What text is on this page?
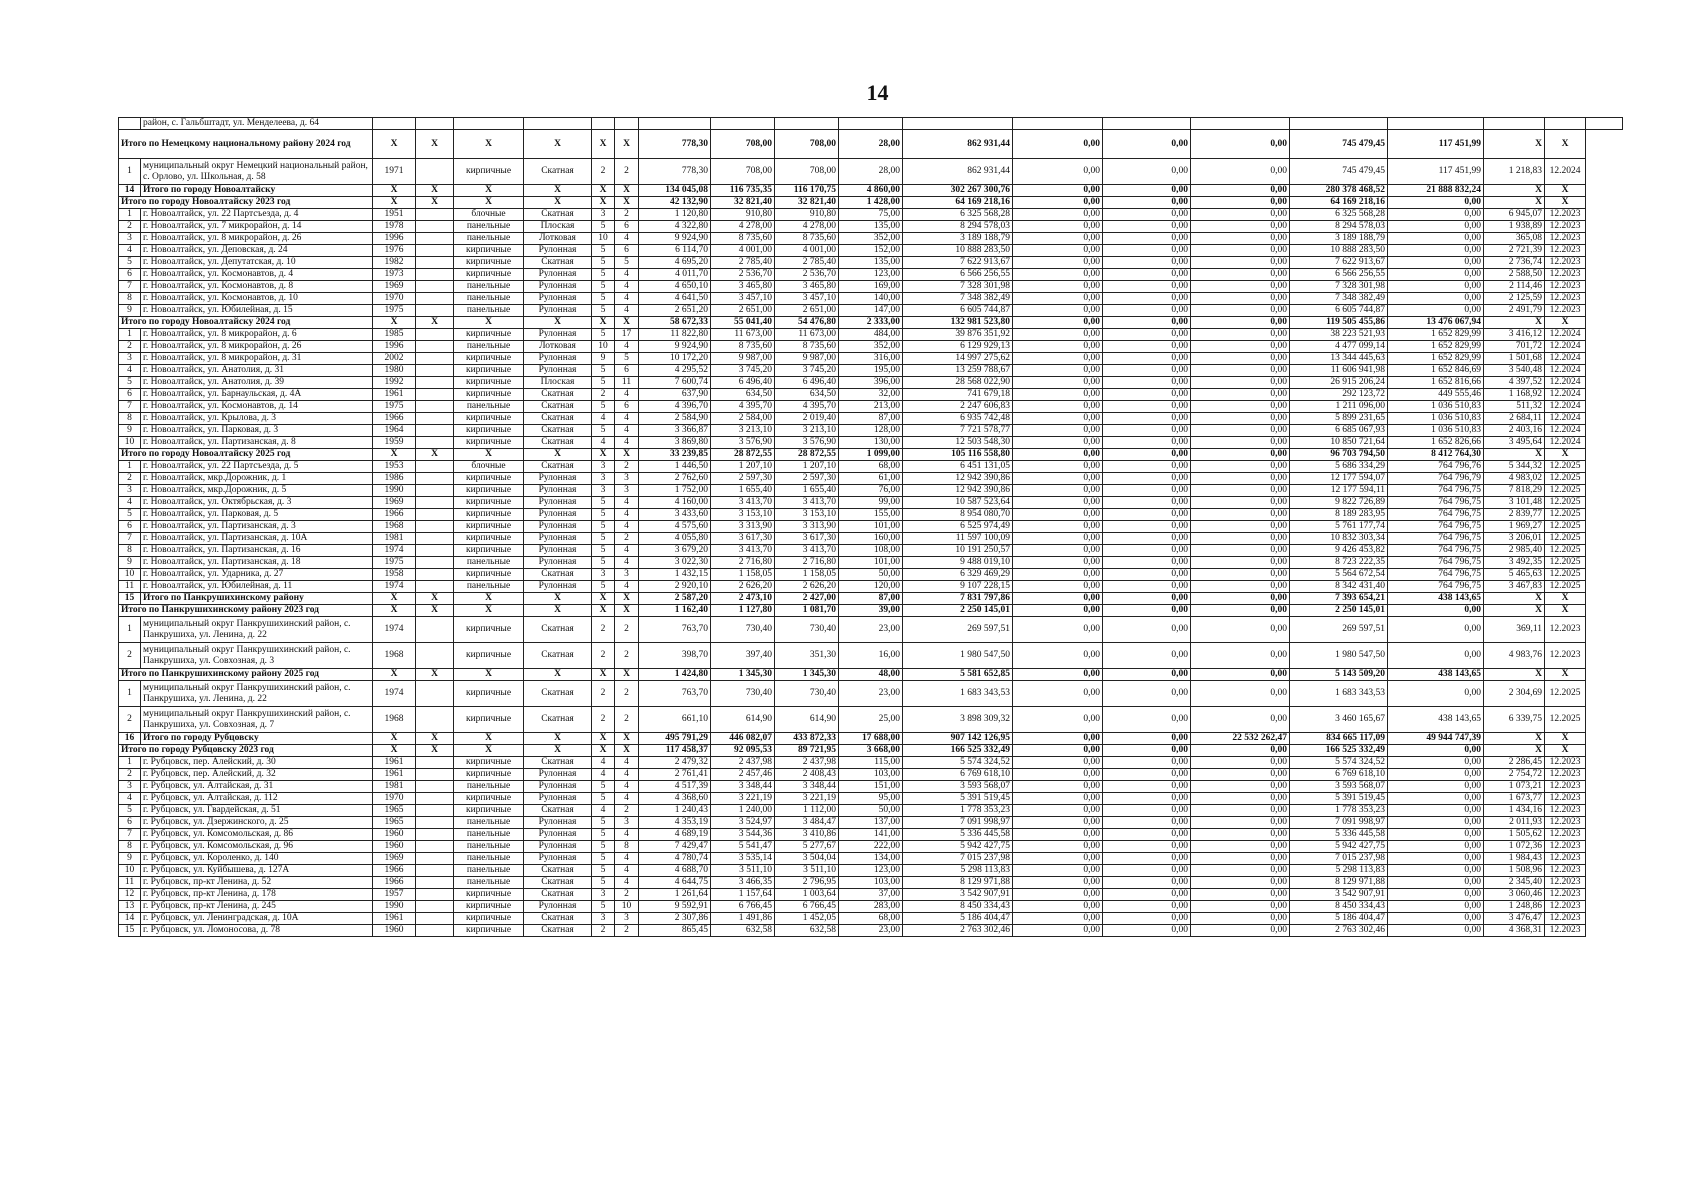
14
	район, с. Гальбштадт, ул. Менделеева, д. 64																			
Итого по Немецкому национальному району 2024 год		X	X	X	X	X	X	778,30	708,00	708,00	28,00	862 931,44	0,00	0,00	0,00	745 479,45	117 451,99	X	X	
1	муниципальный округ Немецкий национальный район, с. Орлово, ул. Школьная, д. 58	1971		кирпичные	Скатная	2	2	778,30	708,00	708,00	28,00	862 931,44	0,00	0,00	0,00	745 479,45	117 451,99	1 218,83	12.2024	
14	Итого по городу Новоалтайску	X	X	X	X	X	X	134 045,08	116 735,35	116 170,75	4 860,00	302 267 300,76	0,00	0,00	0,00	280 378 468,52	21 888 832,24	X	X	
Итого по городу Новоалтайску 2023 год		X	X	X	X	X	X	42 132,90	32 821,40	32 821,40	1 428,00	64 169 218,16	0,00	0,00	0,00	64 169 218,16	0,00	X	X	
1	г. Новоалтайск, ул. 22 Партсъезда, д. 4	1951		блочные	Скатная	3	2	1 120,80	910,80	910,80	75,00	6 325 568,28	0,00	0,00	0,00	6 325 568,28	0,00	6 945,07	12.2023	
2	г. Новоалтайск, ул. 7 микрорайон, д. 14	1978		панельные	Плоская	5	6	4 322,80	4 278,00	4 278,00	135,00	8 294 578,03	0,00	0,00	0,00	8 294 578,03	0,00	1 938,89	12.2023	
3	г. Новоалтайск, ул. 8 микрорайон, д. 26	1996		панельные	Лотковая	10	4	9 924,90	8 735,60	8 735,60	352,00	3 189 188,79	0,00	0,00	0,00	3 189 188,79	0,00	365,08	12.2023	
4	г. Новоалтайск, ул. Деповская, д. 24	1976		кирпичные	Рулонная	5	6	6 114,70	4 001,00	4 001,00	152,00	10 888 283,50	0,00	0,00	0,00	10 888 283,50	0,00	2 721,39	12.2023	
5	г. Новоалтайск, ул. Депутатская, д. 10	1982		кирпичные	Скатная	5	5	4 695,20	2 785,40	2 785,40	135,00	7 622 913,67	0,00	0,00	0,00	7 622 913,67	0,00	2 736,74	12.2023	
6	г. Новоалтайск, ул. Космонавтов, д. 4	1973		кирпичные	Рулонная	5	4	4 011,70	2 536,70	2 536,70	123,00	6 566 256,55	0,00	0,00	0,00	6 566 256,55	0,00	2 588,50	12.2023	
7	г. Новоалтайск, ул. Космонавтов, д. 8	1969		панельные	Рулонная	5	4	4 650,10	3 465,80	3 465,80	169,00	7 328 301,98	0,00	0,00	0,00	7 328 301,98	0,00	2 114,46	12.2023	
8	г. Новоалтайск, ул. Космонавтов, д. 10	1970		панельные	Рулонная	5	4	4 641,50	3 457,10	3 457,10	140,00	7 348 382,49	0,00	0,00	0,00	7 348 382,49	0,00	2 125,59	12.2023	
9	г. Новоалтайск, ул. Юбилейная, д. 15	1975		панельные	Рулонная	5	4	2 651,20	2 651,00	2 651,00	147,00	6 605 744,87	0,00	0,00	0,00	6 605 744,87	0,00	2 491,79	12.2023	
Итого по городу Новоалтайску 2024 год		X	X	X	X	X	X	58 672,33	55 041,40	54 476,80	2 333,00	132 981 523,80	0,00	0,00	0,00	119 505 455,86	13 476 067,94	X	X	
1	г. Новоалтайск, ул. 8 микрорайон, д. 6	1985		кирпичные	Рулонная	5	17	11 822,80	11 673,00	11 673,00	484,00	39 876 351,92	0,00	0,00	0,00	38 223 521,93	1 652 829,99	3 416,12	12.2024	
2	г. Новоалтайск, ул. 8 микрорайон, д. 26	1996		панельные	Лотковая	10	4	9 924,90	8 735,60	8 735,60	352,00	6 129 929,13	0,00	0,00	0,00	4 477 099,14	1 652 829,99	701,72	12.2024	
3	г. Новоалтайск, ул. 8 микрорайон, д. 31	2002		кирпичные	Рулонная	9	5	10 172,20	9 987,00	9 987,00	316,00	14 997 275,62	0,00	0,00	0,00	13 344 445,63	1 652 829,99	1 501,68	12.2024	
4	г. Новоалтайск, ул. Анатолия, д. 31	1980		кирпичные	Рулонная	5	6	4 295,52	3 745,20	3 745,20	195,00	13 259 788,67	0,00	0,00	0,00	11 606 941,98	1 652 846,69	3 540,48	12.2024	
5	г. Новоалтайск, ул. Анатолия, д. 39	1992		кирпичные	Плоская	5	11	7 600,74	6 496,40	6 496,40	396,00	28 568 022,90	0,00	0,00	0,00	26 915 206,24	1 652 816,66	4 397,52	12.2024	
6	г. Новоалтайск, ул. Барнаульская, д. 4А	1961		кирпичные	Скатная	2	4	637,90	634,50	634,50	32,00	741 679,18	0,00	0,00	0,00	292 123,72	449 555,46	1 168,92	12.2024	
7	г. Новоалтайск, ул. Космонавтов, д. 14	1975		панельные	Скатная	5	6	4 396,70	4 395,70	4 395,70	213,00	2 247 606,83	0,00	0,00	0,00	1 211 096,00	1 036 510,83	511,32	12.2024	
8	г. Новоалтайск, ул. Крылова, д. 3	1966		кирпичные	Скатная	4	4	2 584,90	2 584,00	2 019,40	87,00	6 935 742,48	0,00	0,00	0,00	5 899 231,65	1 036 510,83	2 684,11	12.2024	
9	г. Новоалтайск, ул. Парковая, д. 3	1964		кирпичные	Скатная	5	4	3 366,87	3 213,10	3 213,10	128,00	7 721 578,77	0,00	0,00	0,00	6 685 067,93	1 036 510,83	2 403,16	12.2024	
10	г. Новоалтайск, ул. Партизанская, д. 8	1959		кирпичные	Скатная	4	4	3 869,80	3 576,90	3 576,90	130,00	12 503 548,30	0,00	0,00	0,00	10 850 721,64	1 652 826,66	3 495,64	12.2024	
Итого по городу Новоалтайску 2025 год		X	X	X	X	X	X	33 239,85	28 872,55	28 872,55	1 099,00	105 116 558,80	0,00	0,00	0,00	96 703 794,50	8 412 764,30	X	X	
1	г. Новоалтайск, ул. 22 Партсъезда, д. 5	1953		блочные	Скатная	3	2	1 446,50	1 207,10	1 207,10	68,00	6 451 131,05	0,00	0,00	0,00	5 686 334,29	764 796,76	5 344,32	12.2025	
2	г. Новоалтайск, мкр.Дорожник, д. 1	1986		кирпичные	Рулонная	3	3	2 762,60	2 597,30	2 597,30	61,00	12 942 390,86	0,00	0,00	0,00	12 177 594,07	764 796,79	4 983,02	12.2025	
3	г. Новоалтайск, мкр.Дорожник, д. 5	1990		кирпичные	Рулонная	3	3	1 752,00	1 655,40	1 655,40	76,00	12 942 390,86	0,00	0,00	0,00	12 177 594,11	764 796,75	7 818,29	12.2025	
4	г. Новоалтайск, ул. Октябрьская, д. 3	1969		кирпичные	Рулонная	5	4	4 160,00	3 413,70	3 413,70	99,00	10 587 523,64	0,00	0,00	0,00	9 822 726,89	764 796,75	3 101,48	12.2025	
5	г. Новоалтайск, ул. Парковая, д. 5	1966		кирпичные	Рулонная	5	4	3 433,60	3 153,10	3 153,10	155,00	8 954 080,70	0,00	0,00	0,00	8 189 283,95	764 796,75	2 839,77	12.2025	
6	г. Новоалтайск, ул. Партизанская, д. 3	1968		кирпичные	Рулонная	5	4	4 575,60	3 313,90	3 313,90	101,00	6 525 974,49	0,00	0,00	0,00	5 761 177,74	764 796,75	1 969,27	12.2025	
7	г. Новоалтайск, ул. Партизанская, д. 10А	1981		кирпичные	Рулонная	5	2	4 055,80	3 617,30	3 617,30	160,00	11 597 100,09	0,00	0,00	0,00	10 832 303,34	764 796,75	3 206,01	12.2025	
8	г. Новоалтайск, ул. Партизанская, д. 16	1974		кирпичные	Рулонная	5	4	3 679,20	3 413,70	3 413,70	108,00	10 191 250,57	0,00	0,00	0,00	9 426 453,82	764 796,75	2 985,40	12.2025	
9	г. Новоалтайск, ул. Партизанская, д. 18	1975		панельные	Рулонная	5	4	3 022,30	2 716,80	2 716,80	101,00	9 488 019,10	0,00	0,00	0,00	8 723 222,35	764 796,75	3 492,35	12.2025	
10	г. Новоалтайск, ул. Ударника, д. 27	1958		кирпичные	Скатная	3	3	1 432,15	1 158,05	1 158,05	50,00	6 329 469,29	0,00	0,00	0,00	5 564 672,54	764 796,75	5 465,63	12.2025	
11	г. Новоалтайск, ул. Юбилейная, д. 11	1974		панельные	Рулонная	5	4	2 920,10	2 626,20	2 626,20	120,00	9 107 228,15	0,00	0,00	0,00	8 342 431,40	764 796,75	3 467,83	12.2025	
15	Итого по Панкрушихинскому району	X	X	X	X	X	X	2 587,20	2 473,10	2 427,00	87,00	7 831 797,86	0,00	0,00	0,00	7 393 654,21	438 143,65	X	X	
Итого по Панкрушихинскому району 2023 год		X	X	X	X	X	X	1 162,40	1 127,80	1 081,70	39,00	2 250 145,01	0,00	0,00	0,00	2 250 145,01	0,00	X	X	
1	муниципальный округ Панкрушихинский район, с. Панкрушиха, ул. Ленина, д. 22	1974		кирпичные	Скатная	2	2	763,70	730,40	730,40	23,00	269 597,51	0,00	0,00	0,00	269 597,51	0,00	369,11	12.2023	
2	муниципальный округ Панкрушихинский район, с. Панкрушиха, ул. Совхозная, д. 3	1968		кирпичные	Скатная	2	2	398,70	397,40	351,30	16,00	1 980 547,50	0,00	0,00	0,00	1 980 547,50	0,00	4 983,76	12.2023	
Итого по Панкрушихинскому району 2025 год		X	X	X	X	X	X	1 424,80	1 345,30	1 345,30	48,00	5 581 652,85	0,00	0,00	0,00	5 143 509,20	438 143,65	X	X	
1	муниципальный округ Панкрушихинский район, с. Панкрушиха, ул. Ленина, д. 22	1974		кирпичные	Скатная	2	2	763,70	730,40	730,40	23,00	1 683 343,53	0,00	0,00	0,00	1 683 343,53	0,00	2 304,69	12.2025	
2	муниципальный округ Панкрушихинский район, с. Панкрушиха, ул. Совхозная, д. 7	1968		кирпичные	Скатная	2	2	661,10	614,90	614,90	25,00	3 898 309,32	0,00	0,00	0,00	3 460 165,67	438 143,65	6 339,75	12.2025	
16	Итого по городу Рубцовску	X	X	X	X	X	X	495 791,29	446 082,07	433 872,33	17 688,00	907 142 126,95	0,00	0,00	22 532 262,47	834 665 117,09	49 944 747,39	X	X	
Итого по городу Рубцовску 2023 год		X	X	X	X	X	X	117 458,37	92 095,53	89 721,95	3 668,00	166 525 332,49	0,00	0,00	0,00	166 525 332,49	0,00	X	X	
1	г. Рубцовск, пер. Алейский, д. 30	1961		кирпичные	Скатная	4	4	2 479,32	2 437,98	2 437,98	115,00	5 574 324,52	0,00	0,00	0,00	5 574 324,52	0,00	2 286,45	12.2023	
2	г. Рубцовск, пер. Алейский, д. 32	1961		кирпичные	Рулонная	4	4	2 761,41	2 457,46	2 408,43	103,00	6 769 618,10	0,00	0,00	0,00	6 769 618,10	0,00	2 754,72	12.2023	
3	г. Рубцовск, ул. Алтайская, д. 31	1981		панельные	Рулонная	5	4	4 517,39	3 348,44	3 348,44	151,00	3 593 568,07	0,00	0,00	0,00	3 593 568,07	0,00	1 073,21	12.2023	
4	г. Рубцовск, ул. Алтайская, д. 112	1970		кирпичные	Рулонная	5	4	4 368,60	3 221,19	3 221,19	95,00	5 391 519,45	0,00	0,00	0,00	5 391 519,45	0,00	1 673,77	12.2023	
5	г. Рубцовск, ул. Гвардейская, д. 51	1965		кирпичные	Скатная	4	2	1 240,43	1 240,00	1 112,00	50,00	1 778 353,23	0,00	0,00	0,00	1 778 353,23	0,00	1 434,16	12.2023	
6	г. Рубцовск, ул. Дзержинского, д. 25	1965		панельные	Рулонная	5	3	4 353,19	3 524,97	3 484,47	137,00	7 091 998,97	0,00	0,00	0,00	7 091 998,97	0,00	2 011,93	12.2023	
7	г. Рубцовск, ул. Комсомольская, д. 86	1960		панельные	Рулонная	5	4	4 689,19	3 544,36	3 410,86	141,00	5 336 445,58	0,00	0,00	0,00	5 336 445,58	0,00	1 505,62	12.2023	
8	г. Рубцовск, ул. Комсомольская, д. 96	1960		панельные	Рулонная	5	8	7 429,47	5 541,47	5 277,67	222,00	5 942 427,75	0,00	0,00	0,00	5 942 427,75	0,00	1 072,36	12.2023	
9	г. Рубцовск, ул. Короленко, д. 140	1969		панельные	Рулонная	5	4	4 780,74	3 535,14	3 504,04	134,00	7 015 237,98	0,00	0,00	0,00	7 015 237,98	0,00	1 984,43	12.2023	
10	г. Рубцовск, ул. Куйбышева, д. 127А	1966		панельные	Скатная	5	4	4 688,70	3 511,10	3 511,10	123,00	5 298 113,83	0,00	0,00	0,00	5 298 113,83	0,00	1 508,96	12.2023	
11	г. Рубцовск, пр-кт Ленина, д. 52	1966		панельные	Скатная	5	4	4 644,75	3 466,35	2 796,95	103,00	8 129 971,88	0,00	0,00	0,00	8 129 971,88	0,00	2 345,40	12.2023	
12	г. Рубцовск, пр-кт Ленина, д. 178	1957		кирпичные	Скатная	3	2	1 261,64	1 157,64	1 003,64	37,00	3 542 907,91	0,00	0,00	0,00	3 542 907,91	0,00	3 060,46	12.2023	
13	г. Рубцовск, пр-кт Ленина, д. 245	1990		кирпичные	Рулонная	5	10	9 592,91	6 766,45	6 766,45	283,00	8 450 334,43	0,00	0,00	0,00	8 450 334,43	0,00	1 248,86	12.2023	
14	г. Рубцовск, ул. Ленинградская, д. 10А	1961		кирпичные	Скатная	3	3	2 307,86	1 491,86	1 452,05	68,00	5 186 404,47	0,00	0,00	0,00	5 186 404,47	0,00	3 476,47	12.2023	
15	г. Рубцовск, ул. Ломоносова, д. 78	1960		кирпичные	Скатная	2	2	865,45	632,58	632,58	23,00	2 763 302,46	0,00	0,00	0,00	2 763 302,46	0,00	4 368,31	12.2023	
